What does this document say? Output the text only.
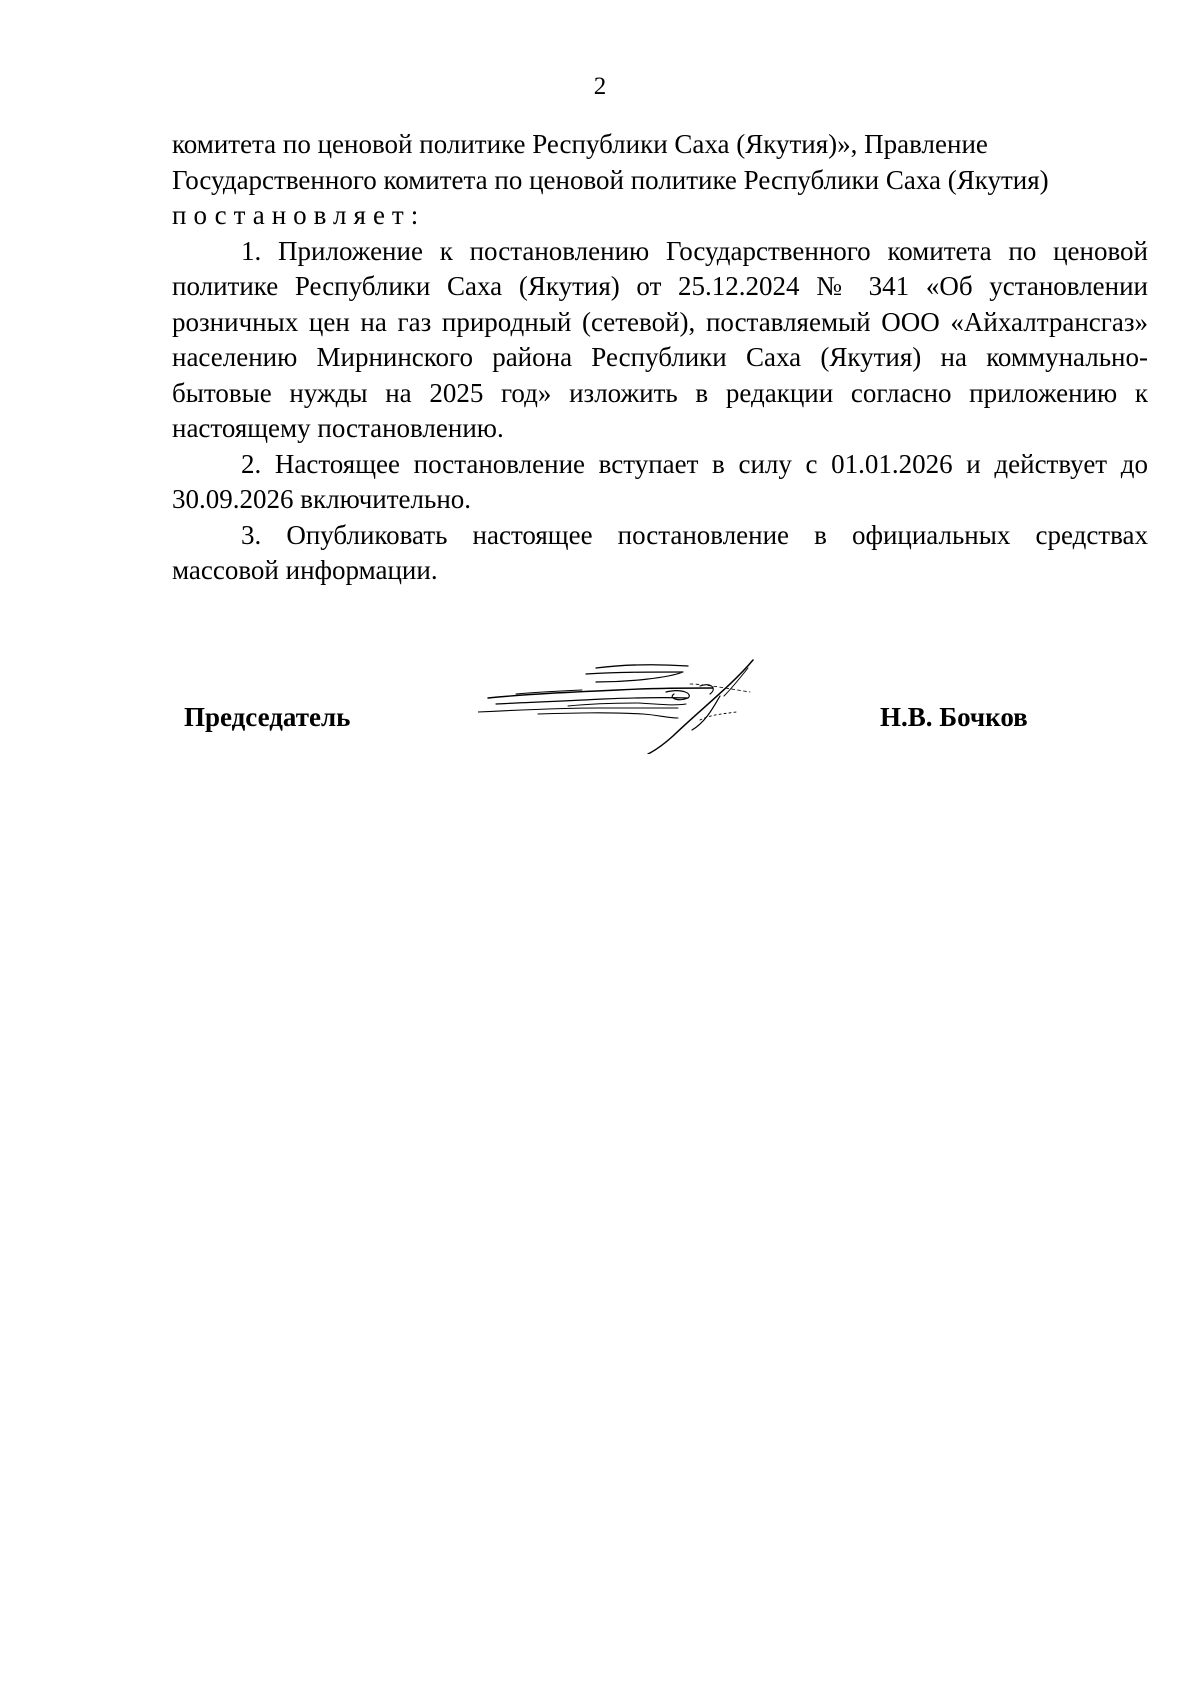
2

комитета по ценовой политике Республики Саха (Якутия)», Правление

Государственного комитета по ценовой политике Республики Саха (Якутия)

постановляет:

1. Приложение к постановлению Государственного комитета по ценовой политике Республики Саха (Якутия) от 25.12.2024 № 341 «Об установлении розничных цен на газ природный (сетевой), поставляемый ООО «Айхалтрансгаз» населению Мирнинского района Республики Саха (Якутия) на коммунально-бытовые нужды на 2025 год» изложить в редакции согласно приложению к настоящему постановлению.

2. Настоящее постановление вступает в силу с 01.01.2026 и действует до 30.09.2026 включительно.

3. Опубликовать настоящее постановление в официальных средствах массовой информации.

Председатель	Н.В. Бочков
